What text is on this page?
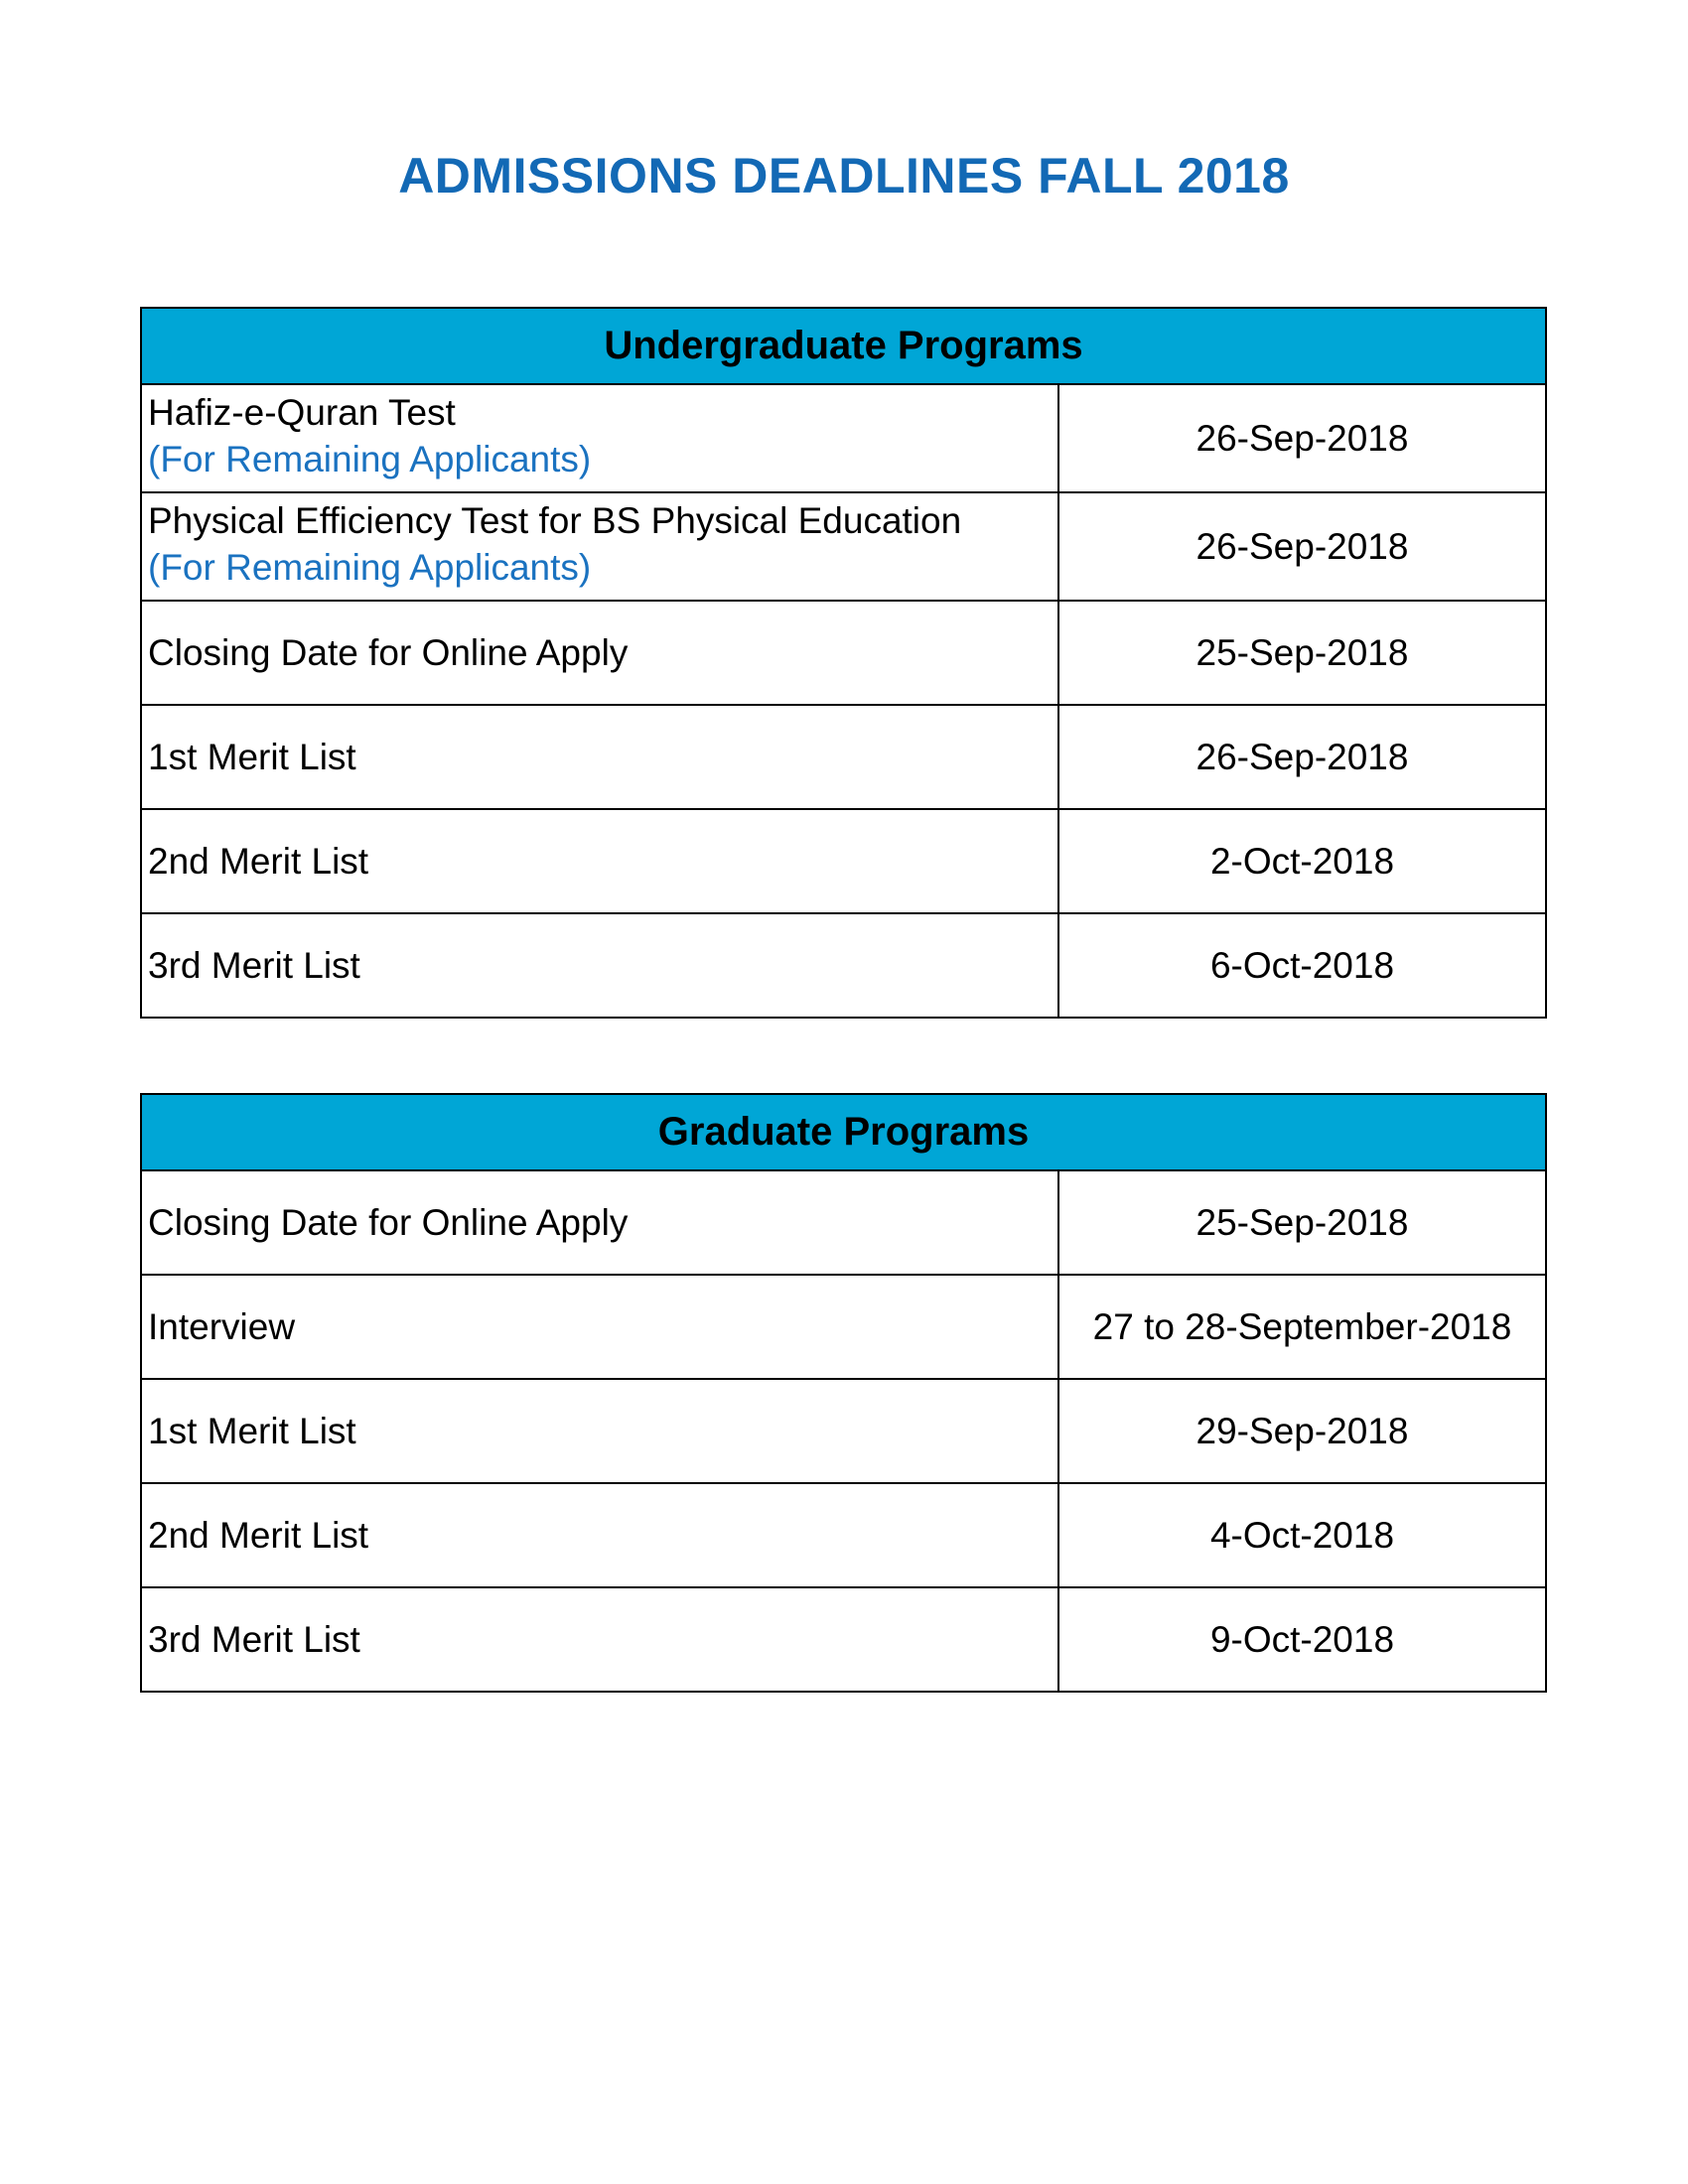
ADMISSIONS DEADLINES FALL 2018
Undergraduate Programs	

Hafiz-e-Quran Test
(For Remaining Applicants)	26-Sep-2018

Physical Efficiency Test for BS Physical Education
(For Remaining Applicants)	26-Sep-2018
Closing Date for Online Apply	25-Sep-2018
1st Merit List	26-Sep-2018
2nd Merit List	2-Oct-2018
3rd Merit List	6-Oct-2018
Graduate Programs	
Closing Date for Online Apply	25-Sep-2018
Interview	27 to 28-September-2018
1st Merit List	29-Sep-2018
2nd Merit List	4-Oct-2018
3rd Merit List	9-Oct-2018
